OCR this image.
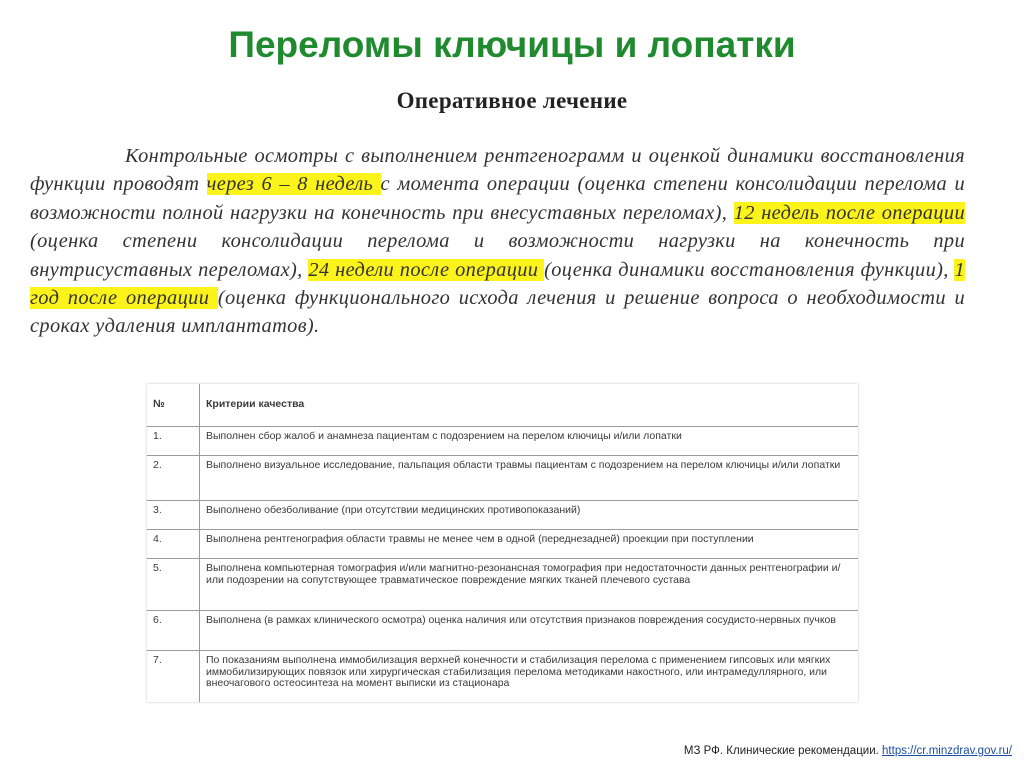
Переломы ключицы и лопатки
Оперативное лечение

Контрольные осмотры с выполнением рентгенограмм и оценкой динамики восстановления функции проводят через 6 – 8 недель с момента операции (оценка степени консолидации перелома и возможности полной нагрузки на конечность при внесуставных переломах), 12 недель после операции (оценка степени консолидации перелома и возможности нагрузки на конечность при внутрисуставных переломах), 24 недели после операции (оценка динамики восстановления функции), 1 год после операции (оценка функционального исхода лечения и решение вопроса о необходимости и сроках удаления имплантатов).

№	Критерии качества
1.	Выполнен сбор жалоб и анамнеза пациентам с подозрением на перелом ключицы и/или лопатки
2.	Выполнено визуальное исследование, пальпация области травмы пациентам с подозрением на перелом ключицы и/или лопатки
3.	Выполнено обезболивание (при отсутствии медицинских противопоказаний)
4.	Выполнена рентгенография области травмы не менее чем в одной (переднезадней) проекции при поступлении
5.	Выполнена компьютерная томография и/или магнитно-резонансная томография при недостаточности данных рентгенографии и/или подозрении на сопутствующее травматическое повреждение мягких тканей плечевого сустава
6.	Выполнена (в рамках клинического осмотра) оценка наличия или отсутствия признаков повреждения сосудисто-нервных пучков
7.	По показаниям выполнена иммобилизация верхней конечности и стабилизация перелома с применением гипсовых или мягких иммобилизирующих повязок или хирургическая стабилизация перелома методиками накостного, или интрамедуллярного, или внеочагового остеосинтеза на момент выписки из стационара
МЗ РФ. Клинические рекомендации. https://cr.minzdrav.gov.ru/
